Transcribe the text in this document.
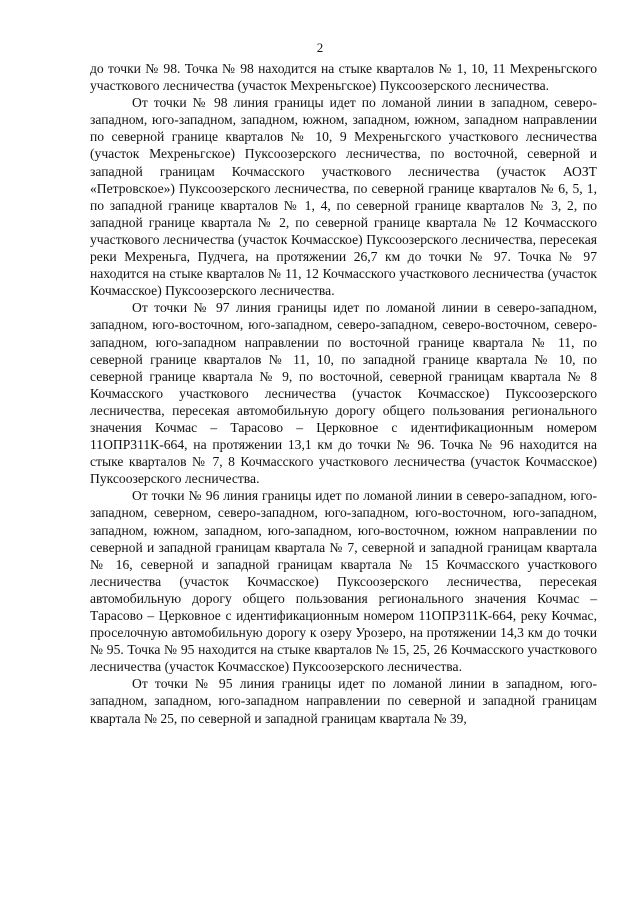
2

до точки № 98. Точка № 98 находится на стыке кварталов № 1, 10, 11 Мехреньгского участкового лесничества (участок Мехреньгское) Пуксоозерского лесничества.

От точки № 98 линия границы идет по ломаной линии в западном, северо-западном, юго-западном, западном, южном, западном, южном, западном направлении по северной границе кварталов № 10, 9 Мехреньгского участкового лесничества (участок Мехреньгское) Пуксоозерского лесничества, по восточной, северной и западной границам Кочмасского участкового лесничества (участок АОЗТ «Петровское») Пуксоозерского лесничества, по северной границе кварталов № 6, 5, 1, по западной границе кварталов № 1, 4, по северной границе кварталов № 3, 2, по западной границе квартала № 2, по северной границе квартала № 12 Кочмасского участкового лесничества (участок Кочмасское) Пуксоозерского лесничества, пересекая реки Мехреньга, Пудчега, на протяжении 26,7 км до точки № 97. Точка № 97 находится на стыке кварталов № 11, 12 Кочмасского участкового лесничества (участок Кочмасское) Пуксоозерского лесничества.

От точки № 97 линия границы идет по ломаной линии в северо-западном, западном, юго-восточном, юго-западном, северо-западном, северо-восточном, северо-западном, юго-западном направлении по восточной границе квартала № 11, по северной границе кварталов № 11, 10, по западной границе квартала № 10, по северной границе квартала № 9, по восточной, северной границам квартала № 8 Кочмасского участкового лесничества (участок Кочмасское) Пуксоозерского лесничества, пересекая автомобильную дорогу общего пользования регионального значения Кочмас – Тарасово – Церковное с идентификационным номером 11ОПР311К-664, на протяжении 13,1 км до точки № 96. Точка № 96 находится на стыке кварталов № 7, 8 Кочмасского участкового лесничества (участок Кочмасское) Пуксоозерского лесничества.

От точки № 96 линия границы идет по ломаной линии в северо-западном, юго-западном, северном, северо-западном, юго-западном, юго-восточном, юго-западном, западном, южном, западном, юго-западном, юго-восточном, южном направлении по северной и западной границам квартала № 7, северной и западной границам квартала № 16, северной и западной границам квартала № 15 Кочмасского участкового лесничества (участок Кочмасское) Пуксоозерского лесничества, пересекая автомобильную дорогу общего пользования регионального значения Кочмас – Тарасово – Церковное с идентификационным номером 11ОПР311К-664, реку Кочмас, проселочную автомобильную дорогу к озеру Урозеро, на протяжении 14,3 км до точки № 95. Точка № 95 находится на стыке кварталов № 15, 25, 26 Кочмасского участкового лесничества (участок Кочмасское) Пуксоозерского лесничества.

От точки № 95 линия границы идет по ломаной линии в западном, юго-западном, западном, юго-западном направлении по северной и западной границам квартала № 25, по северной и западной границам квартала № 39,
